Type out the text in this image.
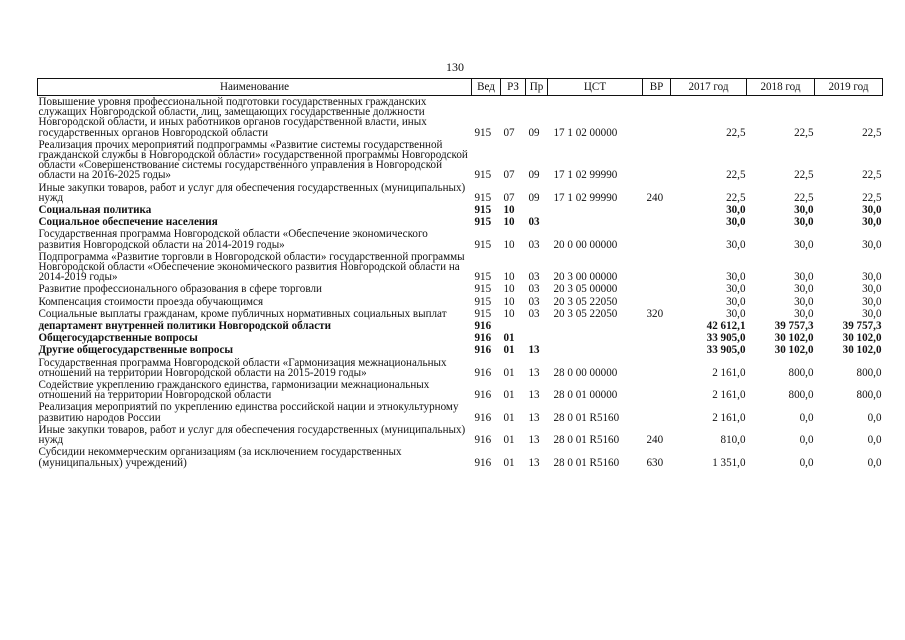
130
Наименование	Вед	РЗ	Пр	ЦСТ	ВР	2017 год	2018 год	2019 год
Повышение уровня профессиональной подготовки государственных гражданских служащих Новгородской области, лиц, замещающих государственные должности Новгородской области, и иных работников органов государственной власти, иных государственных органов Новгородской области	915	07	09	17 1 02 00000		22,5	22,5	22,5
Реализация прочих мероприятий подпрограммы «Развитие системы государственной гражданской службы в Новгородской области» государственной программы Новгородской области «Совершенствование системы государственного управления в Новгородской области на 2016-2025 годы»	915	07	09	17 1 02 99990		22,5	22,5	22,5
Иные закупки товаров, работ и услуг для обеспечения государственных (муниципальных) нужд	915	07	09	17 1 02 99990	240	22,5	22,5	22,5
Социальная политика	915	10				30,0	30,0	30,0
Социальное обеспечение населения	915	10	03			30,0	30,0	30,0
Государственная программа Новгородской области «Обеспечение экономического развития Новгородской области на 2014-2019 годы»	915	10	03	20 0 00 00000		30,0	30,0	30,0
Подпрограмма «Развитие торговли в Новгородской области» государственной программы Новгородской области «Обеспечение экономического развития Новгородской области на 2014-2019 годы»	915	10	03	20 3 00 00000		30,0	30,0	30,0
Развитие профессионального образования в сфере торговли	915	10	03	20 3 05 00000		30,0	30,0	30,0
Компенсация стоимости проезда обучающимся	915	10	03	20 3 05 22050		30,0	30,0	30,0
Социальные выплаты гражданам, кроме публичных нормативных социальных выплат	915	10	03	20 3 05 22050	320	30,0	30,0	30,0
департамент внутренней политики Новгородской области	916					42 612,1	39 757,3	39 757,3
Общегосударственные вопросы	916	01				33 905,0	30 102,0	30 102,0
Другие общегосударственные вопросы	916	01	13			33 905,0	30 102,0	30 102,0
Государственная программа Новгородской области «Гармонизация межнациональных отношений на территории Новгородской области на 2015-2019 годы»	916	01	13	28 0 00 00000		2 161,0	800,0	800,0
Содействие укреплению гражданского единства, гармонизации межнациональных отношений на территории Новгородской области	916	01	13	28 0 01 00000		2 161,0	800,0	800,0
Реализация мероприятий по укреплению единства российской нации и этнокультурному развитию народов России	916	01	13	28 0 01 R5160		2 161,0	0,0	0,0
Иные закупки товаров, работ и услуг для обеспечения государственных (муниципальных) нужд	916	01	13	28 0 01 R5160	240	810,0	0,0	0,0
Субсидии некоммерческим организациям (за исключением государственных (муниципальных) учреждений)	916	01	13	28 0 01 R5160	630	1 351,0	0,0	0,0
